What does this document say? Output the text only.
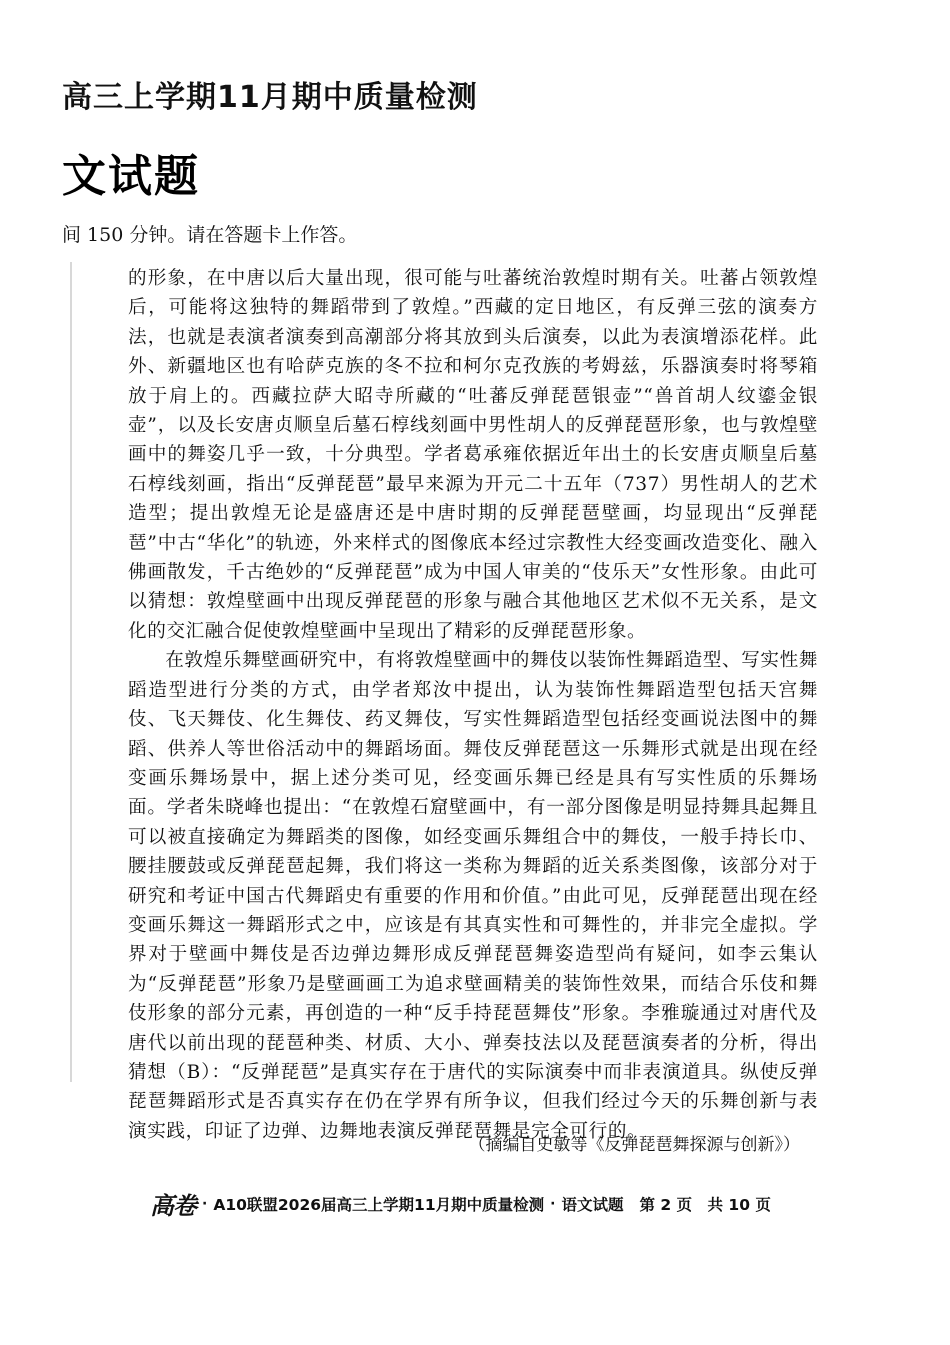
高三上学期11月期中质量检测
文试题
间 150 分钟。请在答题卡上作答。

的形象，在中唐以后大量出现，很可能与吐蕃统治敦煌时期有关。吐蕃占领敦煌后，可能将这独特的舞蹈带到了敦煌。”西藏的定日地区，有反弹三弦的演奏方法，也就是表演者演奏到高潮部分将其放到头后演奏，以此为表演增添花样。此外、新疆地区也有哈萨克族的冬不拉和柯尔克孜族的考姆兹，乐器演奏时将琴箱放于肩上的。西藏拉萨大昭寺所藏的“吐蕃反弹琵琶银壶”“兽首胡人纹鎏金银壶”，以及长安唐贞顺皇后墓石椁线刻画中男性胡人的反弹琵琶形象，也与敦煌壁画中的舞姿几乎一致，十分典型。学者葛承雍依据近年出土的长安唐贞顺皇后墓石椁线刻画，指出“反弹琵琶”最早来源为开元二十五年（737）男性胡人的艺术造型；提出敦煌无论是盛唐还是中唐时期的反弹琵琶壁画，均显现出“反弹琵琶”中古“华化”的轨迹，外来样式的图像底本经过宗教性大经变画改造变化、融入佛画散发，千古绝妙的“反弹琵琶”成为中国人审美的“伎乐天”女性形象。由此可以猜想：敦煌壁画中出现反弹琵琶的形象与融合其他地区艺术似不无关系，是文化的交汇融合促使敦煌壁画中呈现出了精彩的反弹琵琶形象。

在敦煌乐舞壁画研究中，有将敦煌壁画中的舞伎以装饰性舞蹈造型、写实性舞蹈造型进行分类的方式，由学者郑汝中提出，认为装饰性舞蹈造型包括天宫舞伎、飞天舞伎、化生舞伎、药叉舞伎，写实性舞蹈造型包括经变画说法图中的舞蹈、供养人等世俗活动中的舞蹈场面。舞伎反弹琵琶这一乐舞形式就是出现在经变画乐舞场景中，据上述分类可见，经变画乐舞已经是具有写实性质的乐舞场面。学者朱晓峰也提出：“在敦煌石窟壁画中，有一部分图像是明显持舞具起舞且可以被直接确定为舞蹈类的图像，如经变画乐舞组合中的舞伎，一般手持长巾、腰挂腰鼓或反弹琵琶起舞，我们将这一类称为舞蹈的近关系类图像，该部分对于研究和考证中国古代舞蹈史有重要的作用和价值。”由此可见，反弹琵琶出现在经变画乐舞这一舞蹈形式之中，应该是有其真实性和可舞性的，并非完全虚拟。学界对于壁画中舞伎是否边弹边舞形成反弹琵琶舞姿造型尚有疑问，如李云集认为“反弹琵琶”形象乃是壁画画工为追求壁画精美的装饰性效果，而结合乐伎和舞伎形象的部分元素，再创造的一种“反手持琵琶舞伎”形象。李雅璇通过对唐代及唐代以前出现的琵琶种类、材质、大小、弹奏技法以及琵琶演奏者的分析，得出猜想（B）：“反弹琵琶”是真实存在于唐代的实际演奏中而非表演道具。纵使反弹琵琶舞蹈形式是否真实存在仍在学界有所争议，但我们经过今天的乐舞创新与表演实践，印证了边弹、边舞地表演反弹琵琶舞是完全可行的。

（摘编自史敏等《反弹琵琶舞探源与创新》）
高卷 · A10联盟2026届高三上学期11月期中质量检测 · 语文试题 第 2 页　共 10 页
